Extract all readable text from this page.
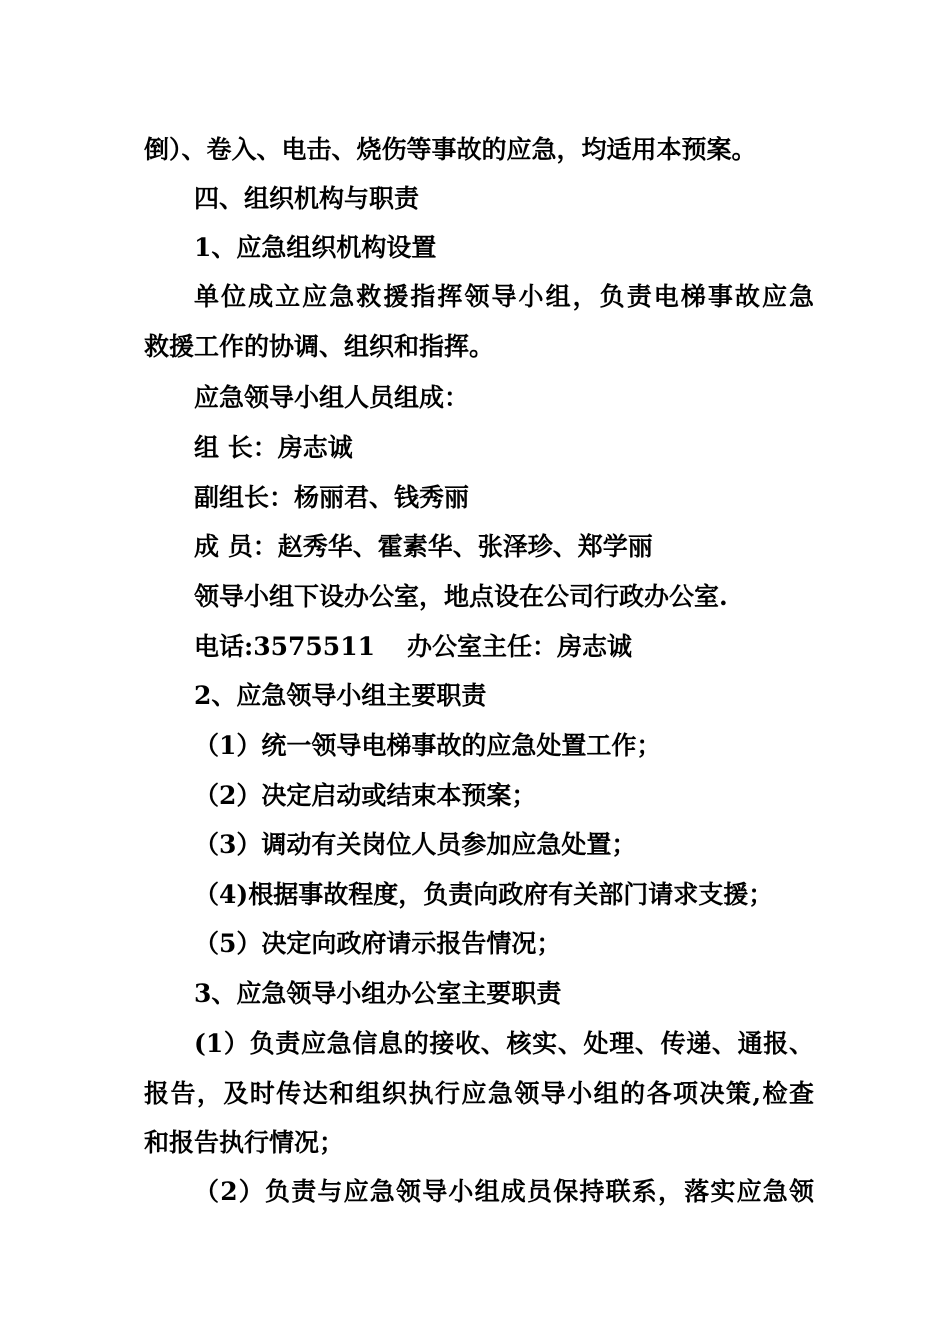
倒）、卷入、电击、烧伤等事故的应急，均适用本预案。
四、组织机构与职责
1、应急组织机构设置
单位成立应急救援指挥领导小组，负责电梯事故应急
救援工作的协调、组织和指挥。
应急领导小组人员组成：
组 长：房志诚
副组长：杨丽君、钱秀丽
成 员：赵秀华、霍素华、张泽珍、郑学丽
领导小组下设办公室，地点设在公司行政办公室.
电话:3575511 办公室主任：房志诚
2、应急领导小组主要职责
（1）统一领导电梯事故的应急处置工作；
（2）决定启动或结束本预案；
（3）调动有关岗位人员参加应急处置；
（4)根据事故程度，负责向政府有关部门请求支援；
（5）决定向政府请示报告情况；
3、应急领导小组办公室主要职责
(1）负责应急信息的接收、核实、处理、传递、通报、
报告，及时传达和组织执行应急领导小组的各项决策,检查
和报告执行情况；
（2）负责与应急领导小组成员保持联系，落实应急领
